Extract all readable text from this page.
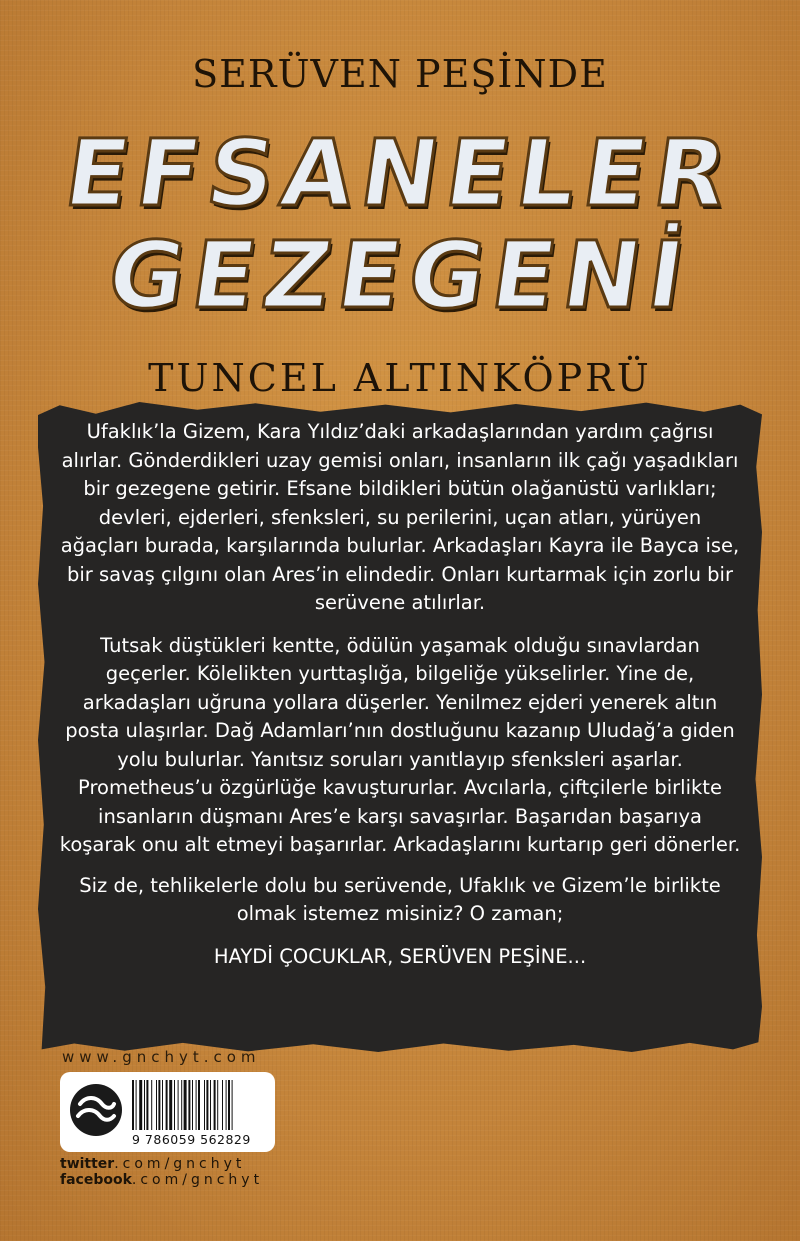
SERÜVEN PEŞİNDE
EFSANELER
GEZEGENİ
TUNCEL ALTINKÖPRÜ

Ufaklık’la Gizem, Kara Yıldız’daki arkadaşlarından yardım çağrısı alırlar. Gönderdikleri uzay gemisi onları, insanların ilk çağı yaşadıkları bir gezegene getirir. Efsane bildikleri bütün olağanüstü varlıkları; devleri, ejderleri, sfenksleri, su perilerini, uçan atları, yürüyen ağaçları burada, karşılarında bulurlar. Arkadaşları Kayra ile Bayca ise, bir savaş çılgını olan Ares’in elindedir. Onları kurtarmak için zorlu bir serüvene atılırlar.

Tutsak düştükleri kentte, ödülün yaşamak olduğu sınavlardan geçerler. Kölelikten yurttaşlığa, bilgeliğe yükselirler. Yine de, arkadaşları uğruna yollara düşerler. Yenilmez ejderi yenerek altın posta ulaşırlar. Dağ Adamları’nın dostluğunu kazanıp Uludağ’a giden yolu bulurlar. Yanıtsız soruları yanıtlayıp sfenksleri aşarlar. Prometheus’u özgürlüğe kavuştururlar. Avcılarla, çiftçilerle birlikte insanların düşmanı Ares’e karşı savaşırlar. Başarıdan başarıya koşarak onu alt etmeyi başarırlar. Arkadaşlarını kurtarıp geri dönerler.

Siz de, tehlikelerle dolu bu serüvende, Ufaklık ve Gizem’le birlikte olmak istemez misiniz? O zaman;

HAYDİ ÇOCUKLAR, SERÜVEN PEŞİNE...

www.gnchyt.com
9 786059 562829
twitter.com/gnchyt
facebook.com/gnchyt
